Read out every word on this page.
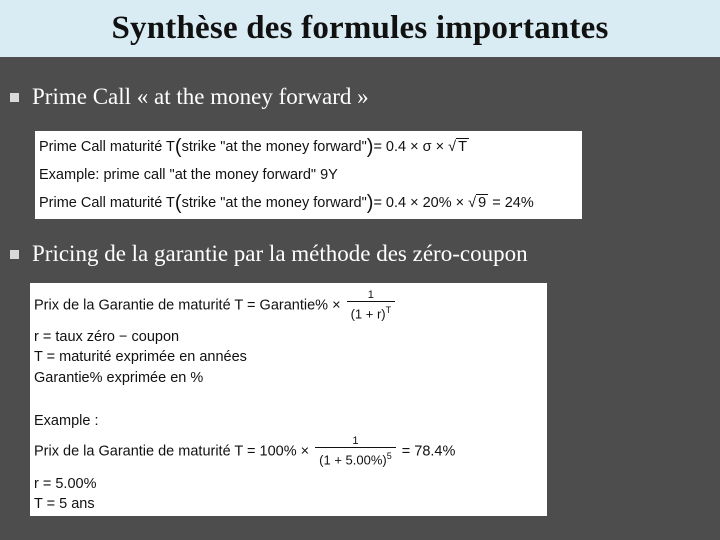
Synthèse des formules importantes
Prime Call « at the money forward »
Prime Call maturité T(strike "at the money forward")= 0.4 × σ × √ T
Example: prime call "at the money forward" 9Y
Prime Call maturité T(strike "at the money forward")= 0.4 × 20% × √ 9 = 24%
Pricing de la garantie par la méthode des zéro-coupon
Prix de la Garantie de maturité T = Garantie% × $\frac{1}{(1 + r)^T}$
r = taux zéro − coupon
T = maturité exprimée en années
Garantie% exprimée en %
Example :
Prix de la Garantie de maturité $T = 100\% \times \frac{1}{(1 + 5.00\%)^5} = 78.4\%$
r = 5.00%
T = 5 ans
